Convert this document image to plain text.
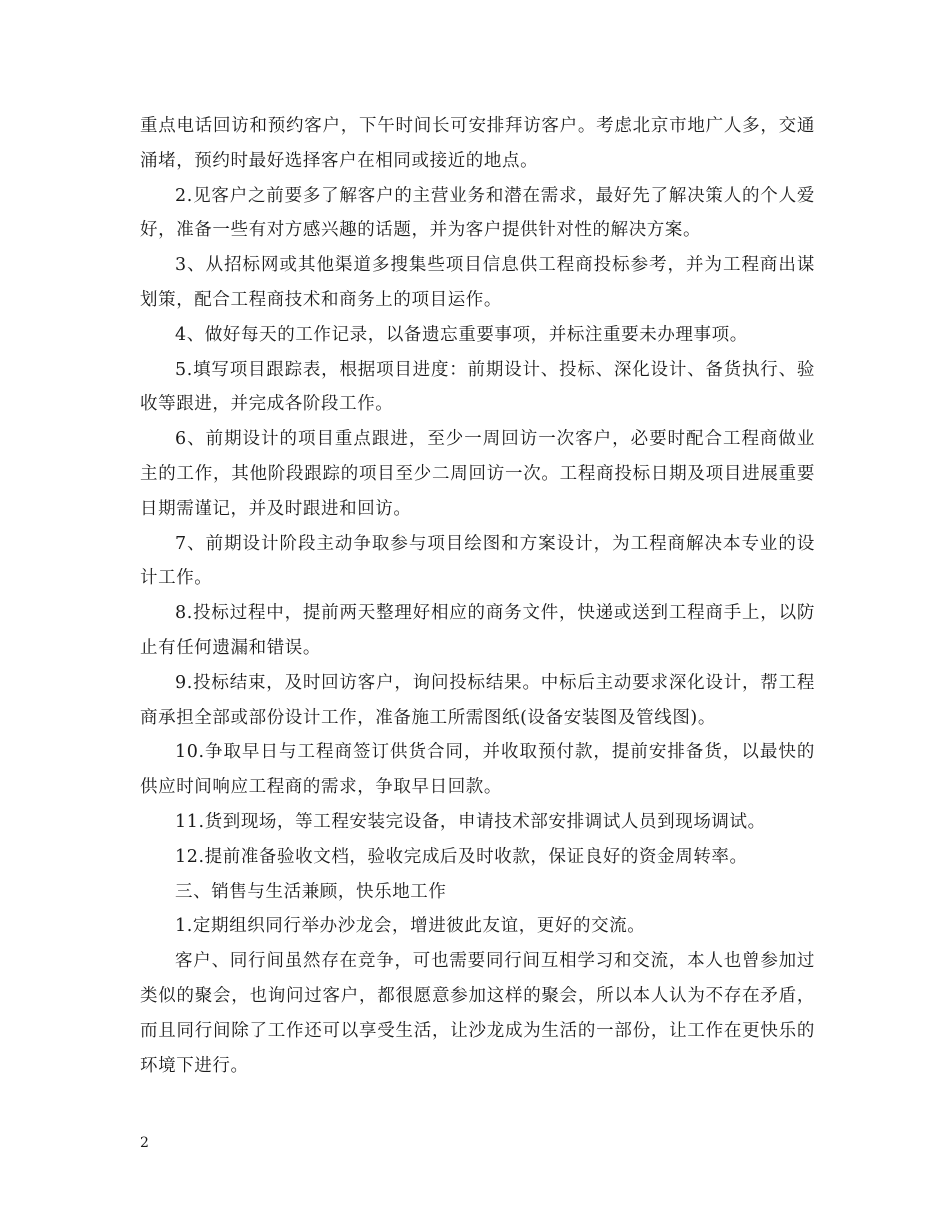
重点电话回访和预约客户，下午时间长可安排拜访客户。考虑北京市地广人多，交通涌堵，预约时最好选择客户在相同或接近的地点。

2.见客户之前要多了解客户的主营业务和潜在需求，最好先了解决策人的个人爱好，准备一些有对方感兴趣的话题，并为客户提供针对性的解决方案。

3、从招标网或其他渠道多搜集些项目信息供工程商投标参考，并为工程商出谋划策，配合工程商技术和商务上的项目运作。

4、做好每天的工作记录，以备遗忘重要事项，并标注重要未办理事项。

5.填写项目跟踪表，根据项目进度：前期设计、投标、深化设计、备货执行、验收等跟进，并完成各阶段工作。

6、前期设计的项目重点跟进，至少一周回访一次客户，必要时配合工程商做业主的工作，其他阶段跟踪的项目至少二周回访一次。工程商投标日期及项目进展重要日期需谨记，并及时跟进和回访。

7、前期设计阶段主动争取参与项目绘图和方案设计，为工程商解决本专业的设计工作。

8.投标过程中，提前两天整理好相应的商务文件，快递或送到工程商手上，以防止有任何遗漏和错误。

9.投标结束，及时回访客户，询问投标结果。中标后主动要求深化设计，帮工程商承担全部或部份设计工作，准备施工所需图纸(设备安装图及管线图)。

10.争取早日与工程商签订供货合同，并收取预付款，提前安排备货，以最快的供应时间响应工程商的需求，争取早日回款。

11.货到现场，等工程安装完设备，申请技术部安排调试人员到现场调试。

12.提前准备验收文档，验收完成后及时收款，保证良好的资金周转率。

三、销售与生活兼顾，快乐地工作

1.定期组织同行举办沙龙会，增进彼此友谊，更好的交流。

客户、同行间虽然存在竞争，可也需要同行间互相学习和交流，本人也曾参加过类似的聚会，也询问过客户，都很愿意参加这样的聚会，所以本人认为不存在矛盾，而且同行间除了工作还可以享受生活，让沙龙成为生活的一部份，让工作在更快乐的环境下进行。

2
